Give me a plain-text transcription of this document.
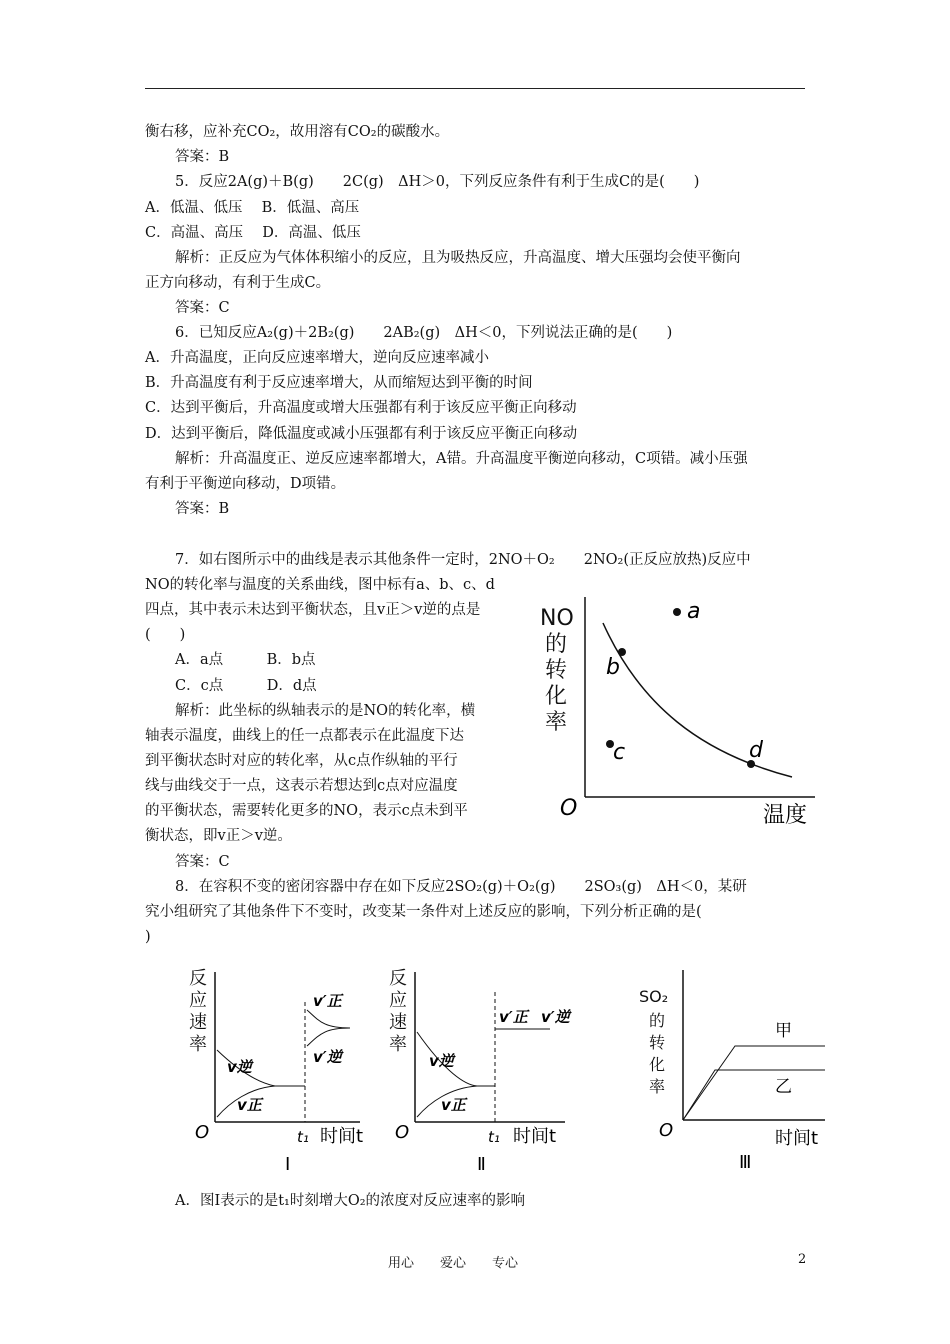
衡右移，应补充CO₂，故用溶有CO₂的碳酸水。
答案：B
5．反应2A(g)＋B(g)　　2C(g)　ΔH＞0，下列反应条件有利于生成C的是(　　)
A．低温、低压　 B．低温、高压
C．高温、高压　 D．高温、低压
解析：正反应为气体体积缩小的反应，且为吸热反应，升高温度、增大压强均会使平衡向
正方向移动，有利于生成C。
答案：C
6．已知反应A₂(g)＋2B₂(g)　　2AB₂(g)　ΔH＜0，下列说法正确的是(　　)
A．升高温度，正向反应速率增大，逆向反应速率减小
B．升高温度有利于反应速率增大，从而缩短达到平衡的时间
C．达到平衡后，升高温度或增大压强都有利于该反应平衡正向移动
D．达到平衡后，降低温度或减小压强都有利于该反应平衡正向移动
解析：升高温度正、逆反应速率都增大，A错。升高温度平衡逆向移动，C项错。减小压强
有利于平衡逆向移动，D项错。
答案：B
7．如右图所示中的曲线是表示其他条件一定时，2NO＋O₂　　2NO₂(正反应放热)反应中
NO的转化率与温度的关系曲线，图中标有a、b、c、d
四点，其中表示未达到平衡状态，且v正＞v逆的点是
(　　)
A．a点　　　B．b点
C．c点　　　D．d点
解析：此坐标的纵轴表示的是NO的转化率，横
轴表示温度，曲线上的任一点都表示在此温度下达
到平衡状态时对应的转化率，从c点作纵轴的平行
线与曲线交于一点，这表示若想达到c点对应温度
的平衡状态，需要转化更多的NO，表示c点未到平
衡状态，即v正＞v逆。
答案：C
NO
的
转
化
率
O	温度
a
b
c	d
8．在容积不变的密闭容器中存在如下反应2SO₂(g)＋O₂(g)　　2SO₃(g)　ΔH＜0，某研
究小组研究了其他条件下不变时，改变某一条件对上述反应的影响，下列分析正确的是(
)
反
应
速
率
v逆
v正
v′正
v′逆
O	t₁ 时间t
Ⅰ
反
应
速
率
v逆
v正
v′正 v′逆
O	t₁ 时间t
Ⅱ
SO₂
的
转
化
率
甲
乙
O	时间t
Ⅲ
A．图Ⅰ表示的是t₁时刻增大O₂的浓度对反应速率的影响
用心　　爱心　　专心	2
